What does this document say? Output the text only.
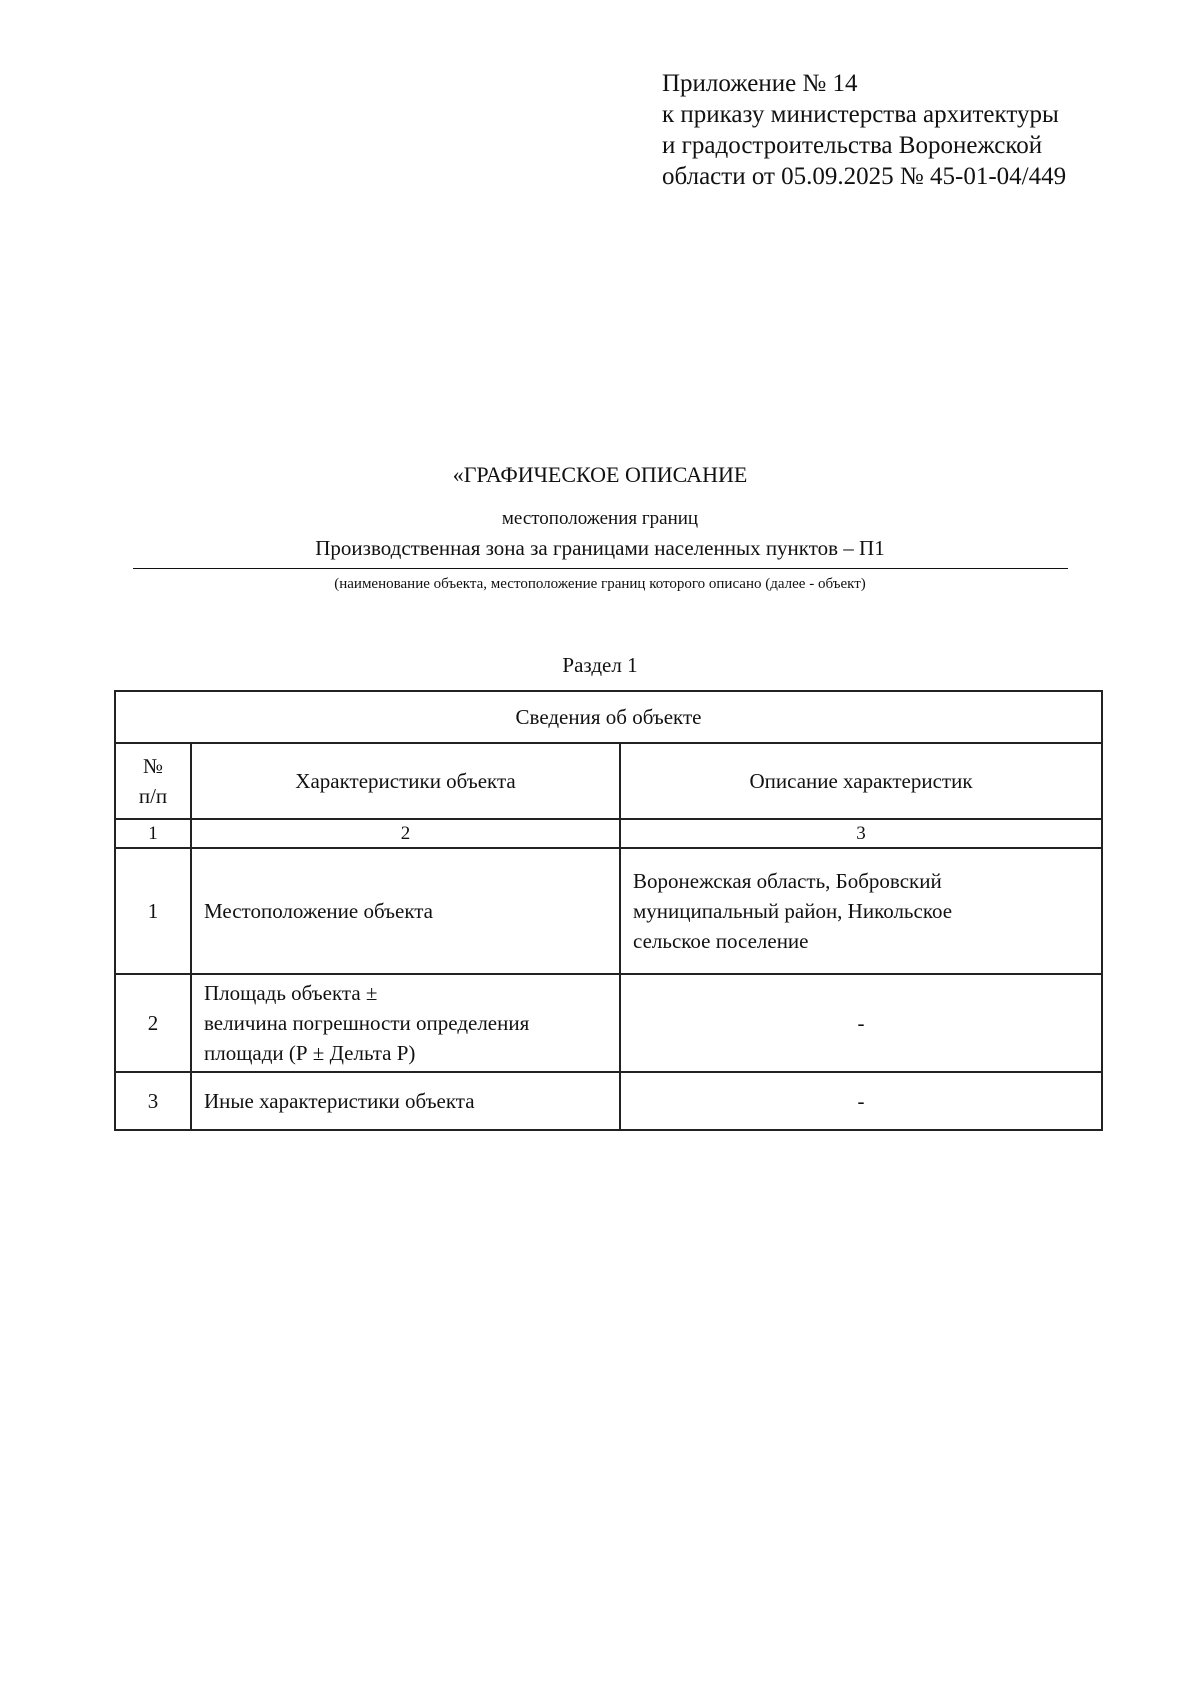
Приложение № 14
к приказу министерства архитектуры
и градостроительства Воронежской
области от 05.09.2025 № 45-01-04/449
«ГРАФИЧЕСКОЕ ОПИСАНИЕ
местоположения границ
Производственная зона за границами населенных пунктов – П1
(наименование объекта, местоположение границ которого описано (далее - объект)
Раздел 1
Сведения об объекте		

№
п/п	Характеристики объекта	Описание характеристик
1	2	3
1	Местоположение объекта	Воронежская область, Бобровский
муниципальный район, Никольское
сельское поселение

2	Площадь объекта ±
величина погрешности определения
площади (Р ± Дельта Р)	-

3	Иные характеристики объекта	-
